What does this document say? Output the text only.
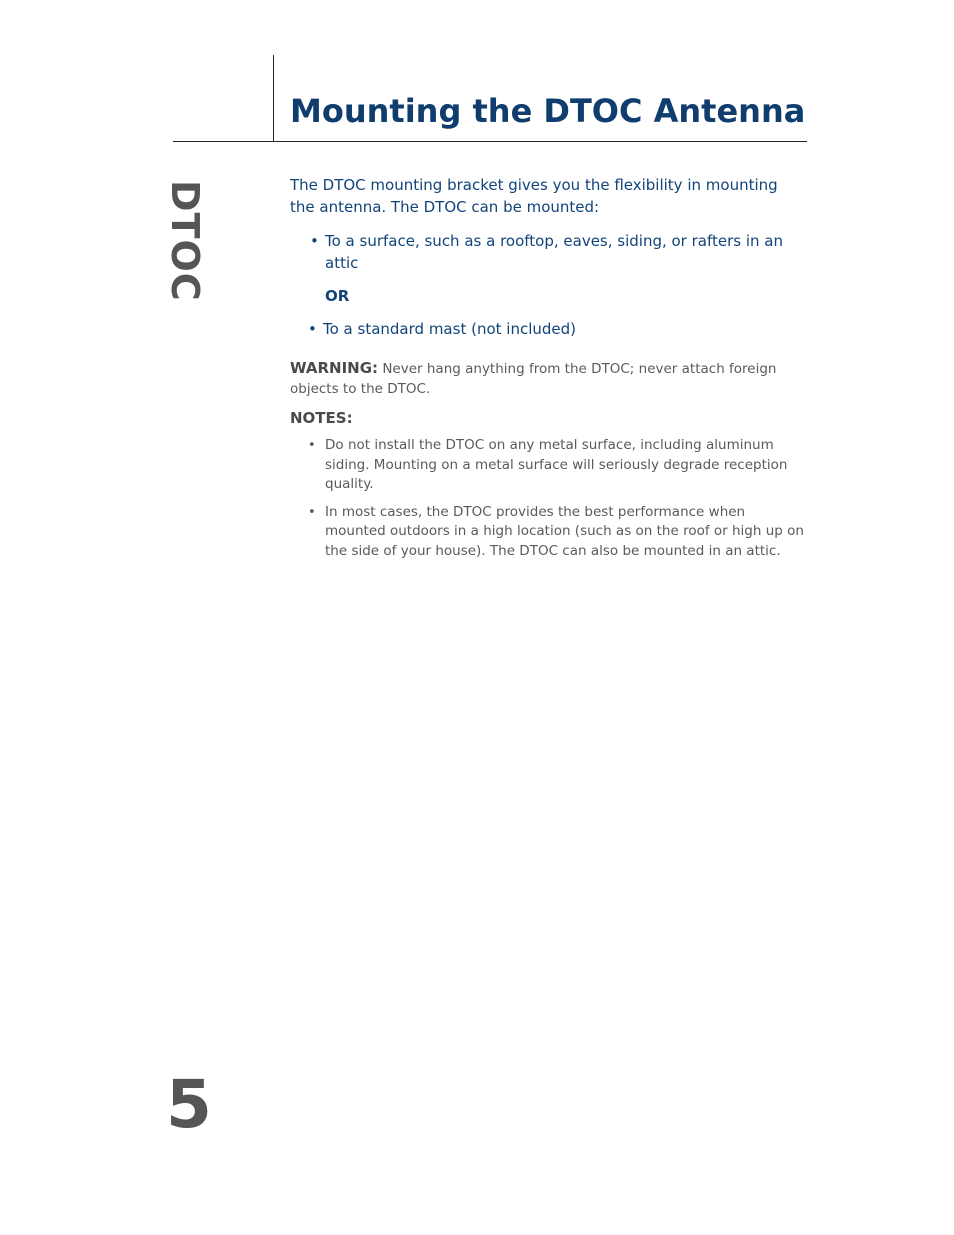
Mounting the DTOC Antenna
DTOC	The DTOC mounting bracket gives you the flexibility in mounting the antenna. The DTOC can be mounted:

• To a surface, such as a rooftop, eaves, siding, or rafters in an attic
OR
• To a standard mast (not included)

WARNING: Never hang anything from the DTOC; never attach foreign objects to the DTOC.

NOTES:

• Do not install the DTOC on any metal surface, including aluminum siding. Mounting on a metal surface will seriously degrade reception quality.
• In most cases, the DTOC provides the best performance when mounted outdoors in a high location (such as on the roof or high up on the side of your house). The DTOC can also be mounted in an attic.
5
